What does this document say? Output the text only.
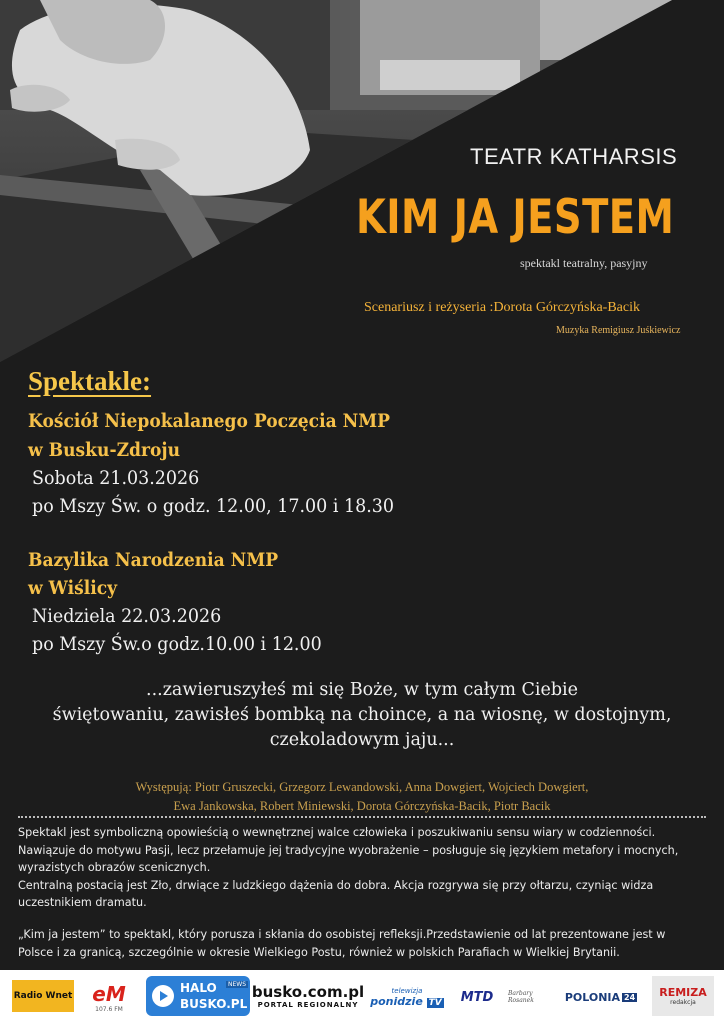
TEATR KATHARSIS
KIM JA JESTEM
spektakl teatralny, pasyjny
Scenariusz i reżyseria :Dorota Górczyńska-Bacik
Muzyka Remigiusz Juśkiewicz
Spektakle:
Kościół Niepokalanego Poczęcia NMP
w Busku-Zdroju
Sobota 21.03.2026
po Mszy Św. o godz. 12.00, 17.00 i 18.30
Bazylika Narodzenia NMP
w Wiślicy
Niedziela 22.03.2026
po Mszy Św.o godz.10.00 i 12.00
...zawieruszyłeś mi się Boże, w tym całym Ciebie
świętowaniu, zawisłeś bombką na choince, a na wiosnę, w dostojnym,
czekoladowym jaju...
Występują: Piotr Gruszecki, Grzegorz Lewandowski, Anna Dowgiert, Wojciech Dowgiert,
Ewa Jankowska, Robert Miniewski, Dorota Górczyńska-Bacik, Piotr Bacik

Spektakl jest symboliczną opowieścią o wewnętrznej walce człowieka i poszukiwaniu sensu wiary w codzienności.

Nawiązuje do motywu Pasji, lecz przełamuje jej tradycyjne wyobrażenie – posługuje się językiem metafory i mocnych,

wyrazistych obrazów scenicznych.

Centralną postacią jest Zło, drwiące z ludzkiego dążenia do dobra. Akcja rozgrywa się przy ołtarzu, czyniąc widza

uczestnikiem dramatu.

„Kim ja jestem” to spektakl, który porusza i skłania do osobistej refleksji.Przedstawienie od lat prezentowane jest w

Polsce i za granicą, szczególnie w okresie Wielkiego Postu, również w polskich Parafiach w Wielkiej Brytanii.

Radio Wnet eM
107.6 FM
HALO
BUSKO.PL
NEWS busko.com.pl
PORTAL REGIONALNY
telewizja
ponidzie TV MTD Barbary Rosanek	POLONIA 24 REMIZA
redakcja
